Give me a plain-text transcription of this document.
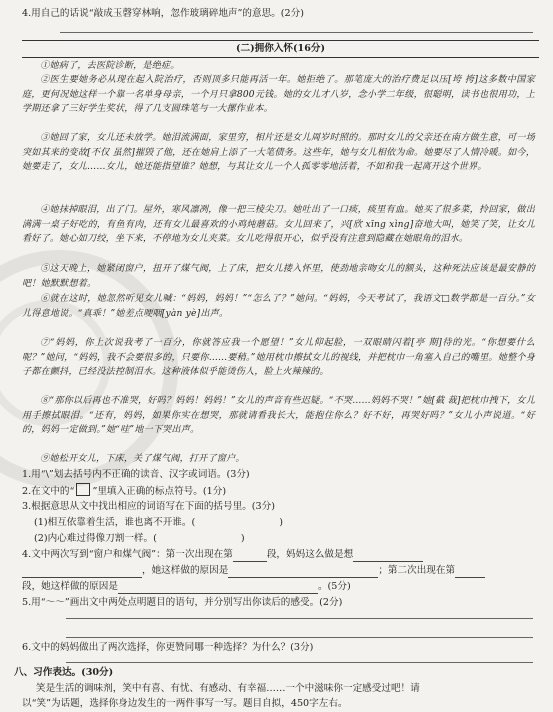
4.用自己的话说“敲成玉磬穿林响，忽作玻璃碎地声”的意思。(2分)
(二)拥你入怀(16分)
①她病了，去医院诊断，是绝症。
②医生要她务必从现在起入院治疗，否则顶多只能再活一年。她拒绝了。那笔庞大的治疗费足以压[垮 挎]这多数中国家庭，更何况她这样一个靠一名单身母亲，一个月只拿800元钱。她的女儿才八岁，念小学二年级，很聪明，读书也很用功，上学期还拿了三好学生奖状，得了几支圆珠笔与一大摞作业本。
③她回了家，女儿还未放学。她泪流满面，家里穷，相片还是女儿周岁时照的。那时女儿的父亲还在南方做生意，可一场突如其来的变故[不仅 虽然]摧毁了他，还在她肩上添了一大笔债务。这些年，她与女儿相依为命。她要尽了人情冷暖。如今，她要走了，女儿……女儿，她还能指望谁？她想，与其让女儿一个人孤零零地活着，不如和我一起离开这个世界。
④她抹掉眼泪，出了门。屋外，寒风凛冽，像一把三棱尖刀。她吐出了一口痰，痰里有血。她买了很多菜，拎回家，做出满满一桌子好吃的，有鱼有肉，还有女儿最喜欢的小鸡炖蘑菇。女儿回来了，兴[欣 xīng xìng]奋地大叫，她笑了笑，让女儿看好了。她心如刀绞，坐下来，不停地为女儿夹菜。女儿吃得很开心，似乎没有注意到隐藏在她眼角的泪水。
⑤这天晚上，她紧闭窗户，扭开了煤气阀，上了床，把女儿搂入怀里，使劲地亲吻女儿的额头，这种死法应该是最安静的吧！她默默想着。
⑥就在这时，她忽然听见女儿喊：“妈妈，妈妈！”“怎么了？”她问。“妈妈，今天考试了，我语文□数学都是一百分。”女儿得意地说。“真乖！”她差点哽咽[yàn yè]出声。
⑦“妈妈，你上次说我考了一百分，你就答应我一个愿望！”女儿仰起脸，一双眼睛闪着[亭 期]待的光。“你想要什么呢？”她问，“妈妈，我不会要很多的，只要你……要稍。”她用枕巾擦拭女儿的视线，并把枕巾一角塞入自己的嘴里。她整个身子都在颤抖，已经没法控制泪水。这种液体似乎能烫伤人，脸上火辣辣的。
⑧“那你以后再也不准哭，好吗？妈妈！妈妈！”女儿的声音有些迟疑。“不哭……妈妈不哭！”她[截 裁]把枕巾拽下，女儿用手擦拭眼泪。“还有，妈妈，如果你实在想哭，那就请看我长大，能抱住你么？好不好，再哭好吗？”女儿小声说道。“好的，妈妈一定做到。”她“哇”地一下哭出声。
⑨她松开女儿，下床，关了煤气阀，打开了窗户。
1.用“\”划去括号内不正确的读音、汉字或词语。(3分)
2.在文中的“ ”里填入正确的标点符号。(1分)
3.根据意思从文中找出相应的词语写在下面的括号里。(3分)
(1)相互依靠着生活，谁也离不开谁。(	)
(2)内心难过得像刀割一样。(	)
4.文中两次写到“窗户和煤气阀”：第一次出现在第	段，妈妈这么做是想
，她这样做的原因是	；第二次出现在第
段，她这样做的原因是	。(5分)
5.用“～～”画出文中两处点明题目的语句，并分别写出你读后的感受。(2分)
6.文中的妈妈做出了两次选择，你更赞同哪一种选择？为什么？(3分)
八、习作表达。(30分)
笑是生活的调味剂，笑中有喜、有忧、有感动、有幸福……一个中滋味你一定感受过吧！请
以“笑”为话题，选择你身边发生的一两件事写一写。题目自拟，450字左右。
